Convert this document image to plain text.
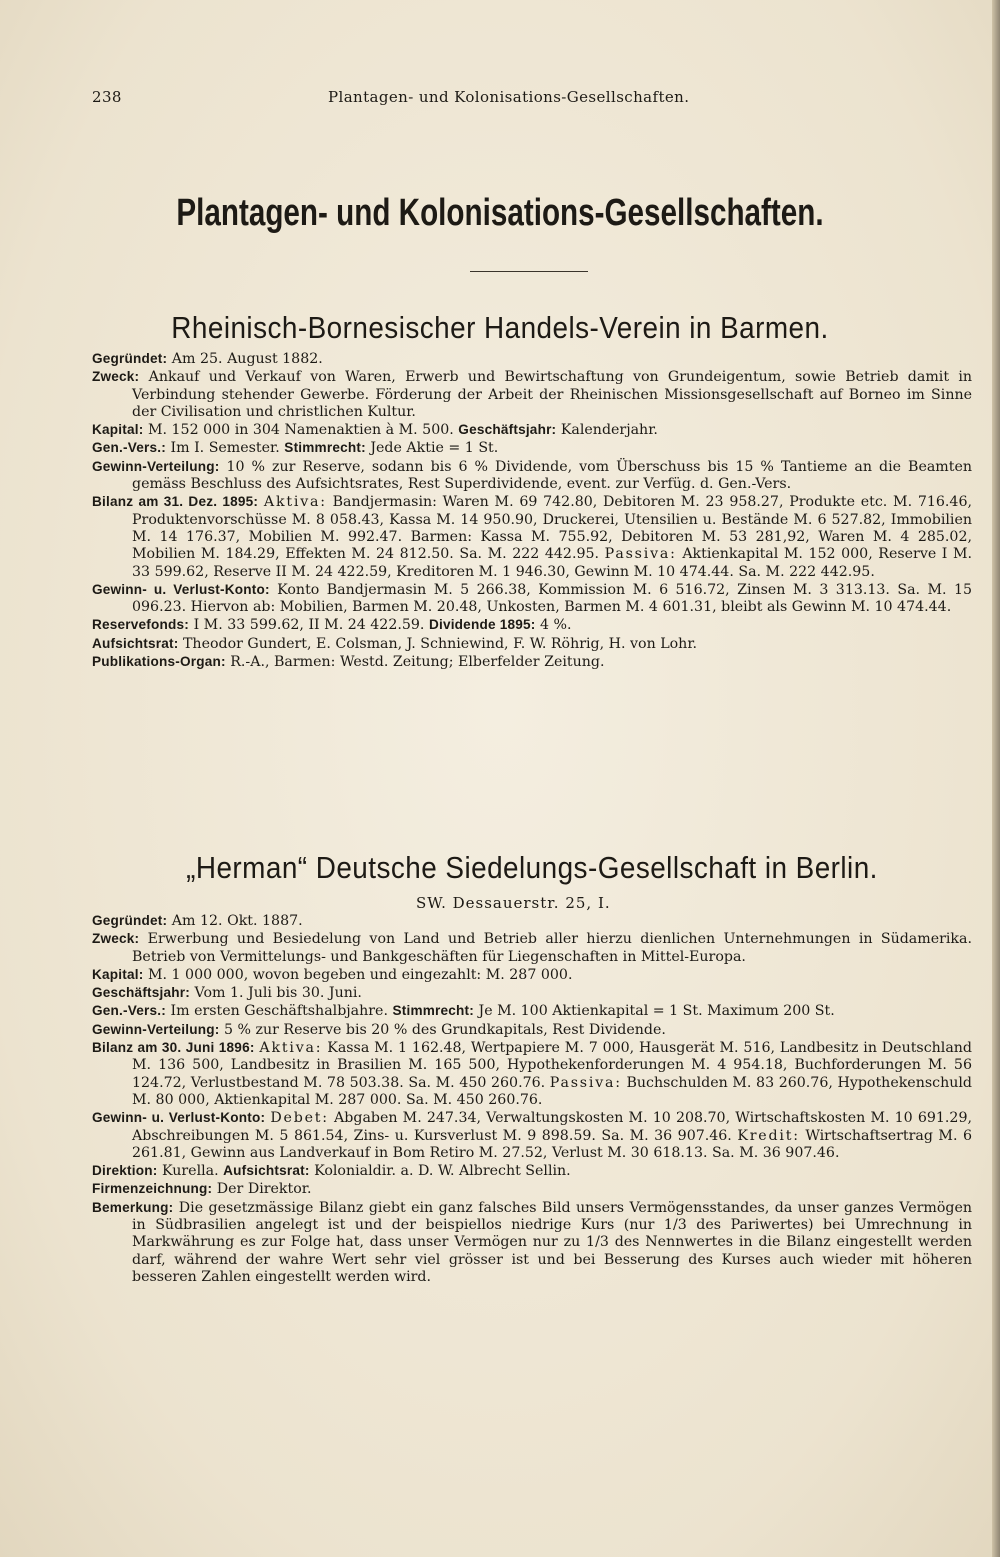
238	Plantagen- und Kolonisations-Gesellschaften.
Plantagen- und Kolonisations-Gesellschaften.
Rheinisch-Bornesischer Handels-Verein in Barmen.

Gegründet: Am 25. August 1882.

Zweck: Ankauf und Verkauf von Waren, Erwerb und Bewirtschaftung von Grundeigentum, sowie Betrieb damit in Verbindung stehender Gewerbe. Förderung der Arbeit der Rheinischen Missionsgesellschaft auf Borneo im Sinne der Civilisation und christlichen Kultur.

Kapital: M. 152 000 in 304 Namenaktien à M. 500. Geschäftsjahr: Kalenderjahr.

Gen.-Vers.: Im I. Semester. Stimmrecht: Jede Aktie = 1 St.

Gewinn-Verteilung: 10 % zur Reserve, sodann bis 6 % Dividende, vom Überschuss bis 15 % Tantieme an die Beamten gemäss Beschluss des Aufsichtsrates, Rest Superdividende, event. zur Verfüg. d. Gen.-Vers.

Bilanz am 31. Dez. 1895: Aktiva: Bandjermasin: Waren M. 69 742.80, Debitoren M. 23 958.27, Produkte etc. M. 716.46, Produktenvorschüsse M. 8 058.43, Kassa M. 14 950.90, Druckerei, Utensilien u. Bestände M. 6 527.82, Immobilien M. 14 176.37, Mobilien M. 992.47. Barmen: Kassa M. 755.92, Debitoren M. 53 281,92, Waren M. 4 285.02, Mobilien M. 184.29, Effekten M. 24 812.50. Sa. M. 222 442.95. Passiva: Aktienkapital M. 152 000, Reserve I M. 33 599.62, Reserve II M. 24 422.59, Kreditoren M. 1 946.30, Gewinn M. 10 474.44. Sa. M. 222 442.95.

Gewinn- u. Verlust-Konto: Konto Bandjermasin M. 5 266.38, Kommission M. 6 516.72, Zinsen M. 3 313.13. Sa. M. 15 096.23. Hiervon ab: Mobilien, Barmen M. 20.48, Unkosten, Barmen M. 4 601.31, bleibt als Gewinn M. 10 474.44.

Reservefonds: I M. 33 599.62, II M. 24 422.59. Dividende 1895: 4 %.

Aufsichtsrat: Theodor Gundert, E. Colsman, J. Schniewind, F. W. Röhrig, H. von Lohr.

Publikations-Organ: R.-A., Barmen: Westd. Zeitung; Elberfelder Zeitung.

„Herman“ Deutsche Siedelungs-Gesellschaft in Berlin.
SW. Dessauerstr. 25, I.

Gegründet: Am 12. Okt. 1887.

Zweck: Erwerbung und Besiedelung von Land und Betrieb aller hierzu dienlichen Unternehmungen in Südamerika. Betrieb von Vermittelungs- und Bankgeschäften für Liegenschaften in Mittel-Europa.

Kapital: M. 1 000 000, wovon begeben und eingezahlt: M. 287 000.

Geschäftsjahr: Vom 1. Juli bis 30. Juni.

Gen.-Vers.: Im ersten Geschäftshalbjahre. Stimmrecht: Je M. 100 Aktienkapital = 1 St. Maximum 200 St.

Gewinn-Verteilung: 5 % zur Reserve bis 20 % des Grundkapitals, Rest Dividende.

Bilanz am 30. Juni 1896: Aktiva: Kassa M. 1 162.48, Wertpapiere M. 7 000, Hausgerät M. 516, Landbesitz in Deutschland M. 136 500, Landbesitz in Brasilien M. 165 500, Hypothekenforderungen M. 4 954.18, Buchforderungen M. 56 124.72, Verlustbestand M. 78 503.38. Sa. M. 450 260.76. Passiva: Buchschulden M. 83 260.76, Hypothekenschuld M. 80 000, Aktienkapital M. 287 000. Sa. M. 450 260.76.

Gewinn- u. Verlust-Konto: Debet: Abgaben M. 247.34, Verwaltungskosten M. 10 208.70, Wirtschaftskosten M. 10 691.29, Abschreibungen M. 5 861.54, Zins- u. Kursverlust M. 9 898.59. Sa. M. 36 907.46. Kredit: Wirtschaftsertrag M. 6 261.81, Gewinn aus Landverkauf in Bom Retiro M. 27.52, Verlust M. 30 618.13. Sa. M. 36 907.46.

Direktion: Kurella. Aufsichtsrat: Kolonialdir. a. D. W. Albrecht Sellin.

Firmenzeichnung: Der Direktor.

Bemerkung: Die gesetzmässige Bilanz giebt ein ganz falsches Bild unsers Vermögensstandes, da unser ganzes Vermögen in Südbrasilien angelegt ist und der beispiellos niedrige Kurs (nur 1/3 des Pariwertes) bei Umrechnung in Markwährung es zur Folge hat, dass unser Vermögen nur zu 1/3 des Nennwertes in die Bilanz eingestellt werden darf, während der wahre Wert sehr viel grösser ist und bei Besserung des Kurses auch wieder mit höheren besseren Zahlen eingestellt werden wird.
